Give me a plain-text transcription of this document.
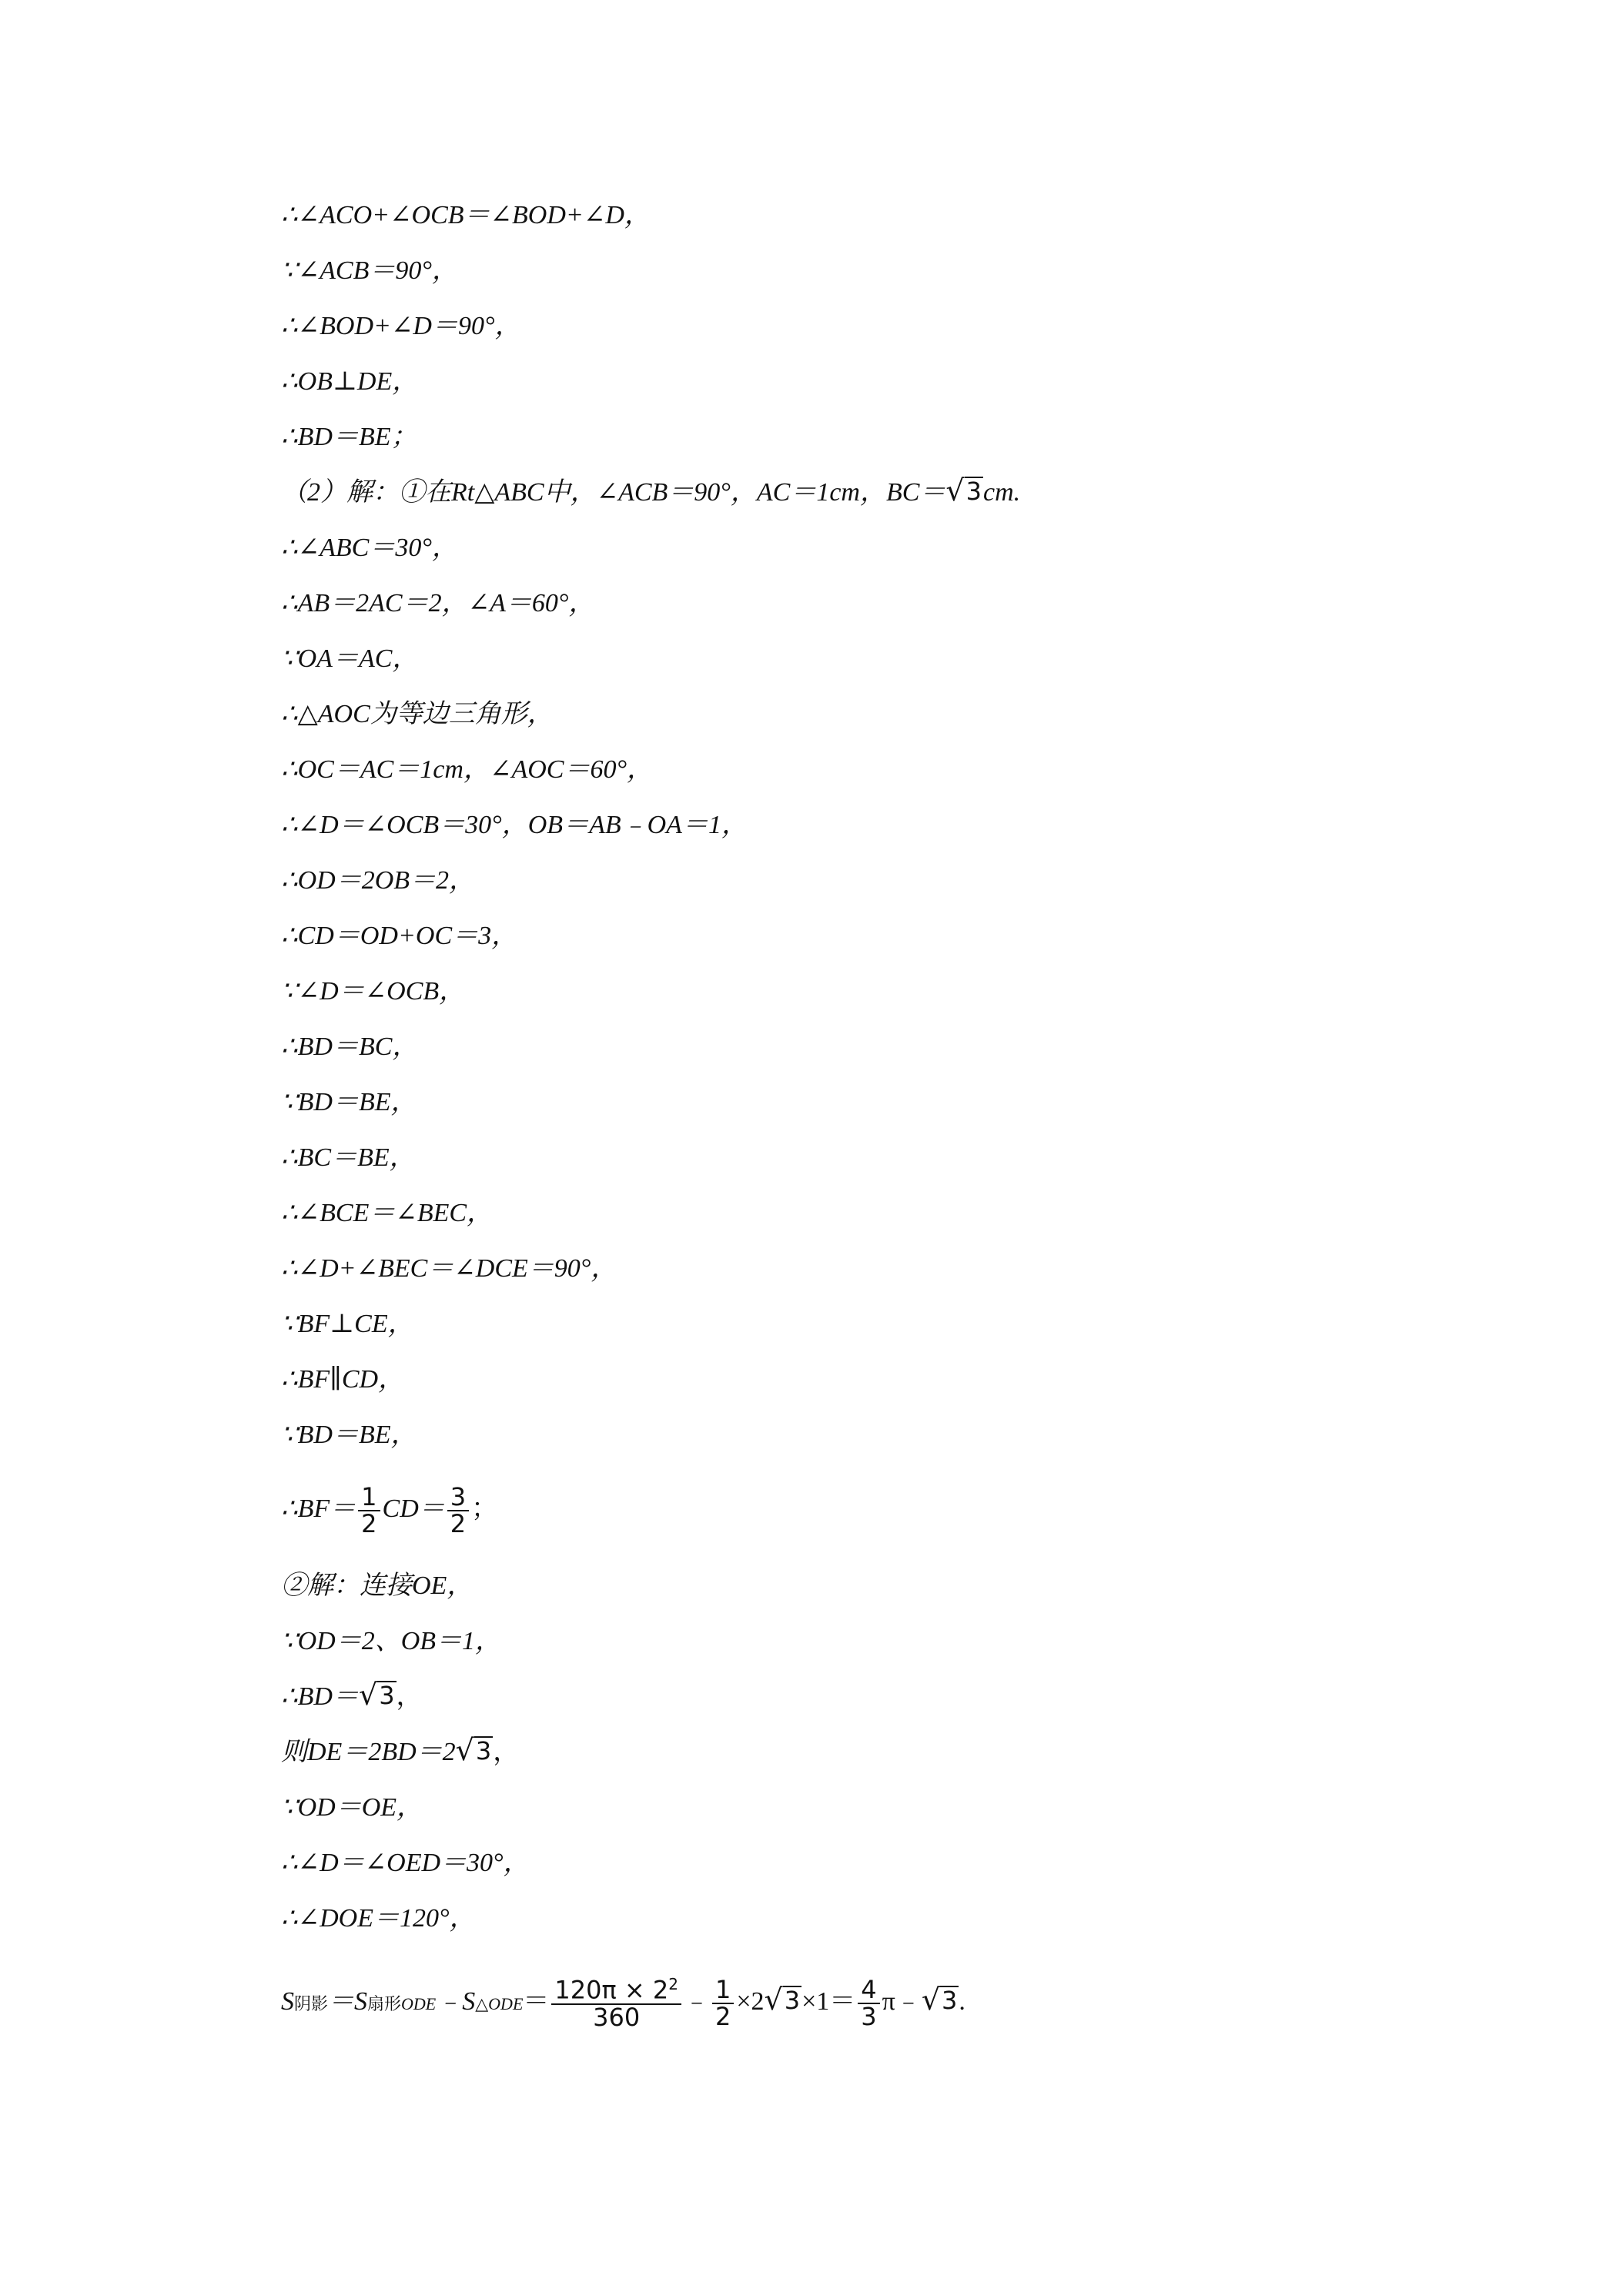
∴∠ACO+∠OCB＝∠BOD+∠D，
∵∠ACB＝90°，
∴∠BOD+∠D＝90°，
∴OB⊥DE，
∴BD＝BE；
（2）解：①在Rt△ABC中，∠ACB＝90°，AC＝1cm，BC＝ √ 3 cm.
∴∠ABC＝30°，
∴AB＝2AC＝2，∠A＝60°，
∵OA＝AC，
∴△AOC为等边三角形，
∴OC＝AC＝1cm，∠AOC＝60°，
∴∠D＝∠OCB＝30°，OB＝AB﹣OA＝1，
∴OD＝2OB＝2，
∴CD＝OD+OC＝3，
∵∠D＝∠OCB，
∴BD＝BC，
∵BD＝BE，
∴BC＝BE，
∴∠BCE＝∠BEC，
∴∠D+∠BEC＝∠DCE＝90°，
∵BF⊥CE，
∴BF∥CD，
∵BD＝BE，
∴BF＝ $\frac{1}{2} CD= \frac{3}{2}$ ；
②解：连接OE，
∵OD＝2、OB＝1，
∴BD＝ √ 3 ，
则DE＝2BD＝2 √ 3 ，
∵OD＝OE，
∴∠D＝∠OED＝30°，
∴∠DOE＝120°，
S阴影＝S扇形ODE﹣S△ODE＝ $\frac{120\pi \times 2^2}{360}$ ﹣ $\frac{1}{2} \times 2$ √ $3 \times 1= \frac{4}{3}$ π﹣ √ 3 .
